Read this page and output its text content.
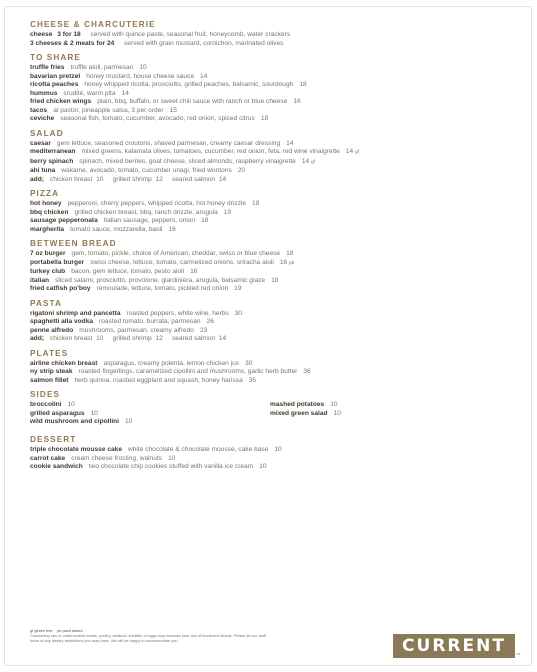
CHEESE & CHARCUTERIE
cheese 3 for 18 served with quince paste, seasonal fruit, honeycomb, water crackers
3 cheeses & 2 meats for 24 served with grain mustard, cornichon, marinated olives
TO SHARE
truffle fries truffle aioli, parmesan 10
bavarian pretzel honey mustard, house cheese sauce 14
ricotta peaches honey whipped ricotta, prosciutto, grilled peaches, balsamic, sourdough 18
hummus crudité, warm pita 14
fried chicken wings plain, bbq, buffalo, or sweet chili sauce with ranch or blue cheese 16
tacos al pastor, pineapple salsa, 3 per order 15
ceviche seasonal fish, tomato, cucumber, avocado, red onion, spiced citrus 18
SALAD
caesar gem lettuce, seasoned croutons, shaved parmesan, creamy caesar dressing 14
mediterranean mixed greens, kalamata olives, tomatoes, cucumber, red onion, feta, red wine vinaigrette 14 gf
berry spinach spinach, mixed berries, goat cheese, sliced almonds, raspberry vinaigrette 14 gf
ahi tuna wakame, avocado, tomato, cucumber unagi, fried wontons 20
add; chicken breast  10     grilled shrimp  12     seared salmon  14
PIZZA
hot honey pepperoni, cherry peppers, whipped ricotta, hot honey drizzle 18
bbq chicken grilled chicken breast, bbq, ranch drizzle, arugula 19
sausage pepperonata italian sausage, peppers, onion 18
margherita tomato sauce, mozzarella, basil 16
BETWEEN BREAD
7 oz burger gem, tomato, pickle, choice of American, cheddar, swiss or blue cheese 18
portabella burger swiss cheese, lettuce, tomato, carmelized onions, sriracha aioli 16 pb
turkey club bacon, gem lettuce, tomato, pesto aioli 16
italian sliced salami, prosciutto, provolone, giardiniera, arugula, balsamic glaze 18
fried catfish po'boy remoulade, lettuce, tomato, pickled red onion 19
PASTA
rigatoni shrimp and pancetta roasted peppers, white wine, herbs 30
spaghetti alla vodka roasted tomato, burrata, parmesan 26
penne alfredo mushrooms, parmesan, creamy alfredo 23
add; chicken breast  10     grilled shrimp  12     seared salmon  14
PLATES
airline chicken breast asparagus, creamy polenta, lemon chicken jus 30
ny strip steak roasted fingerlings, caramelized cipollini and mushrooms, garlic herb butter 36
salmon fillet herb quinoa, roasted eggplant and squash, honey harissa 35
SIDES
broccolini 10
grilled asparagus 10
wild mushroom and cipollini 10
mashed potatoes 10
mixed green salad 10
DESSERT
triple chocolate mousse cake white chocolate & chocolate mousse, cake base 10
carrot cake cream cheese frosting, walnuts 10
cookie sandwich two chocolate chip cookies stuffed with vanilla ice cream 10
gf gluten free    pb plant based
Consuming raw or undercooked meats, poultry, seafood, shellfish or eggs may increase your risk of foodborne illness. Please let our staff
know of any dietary restrictions you may have. We will be happy to accommodate you.	CURRENT	TM
